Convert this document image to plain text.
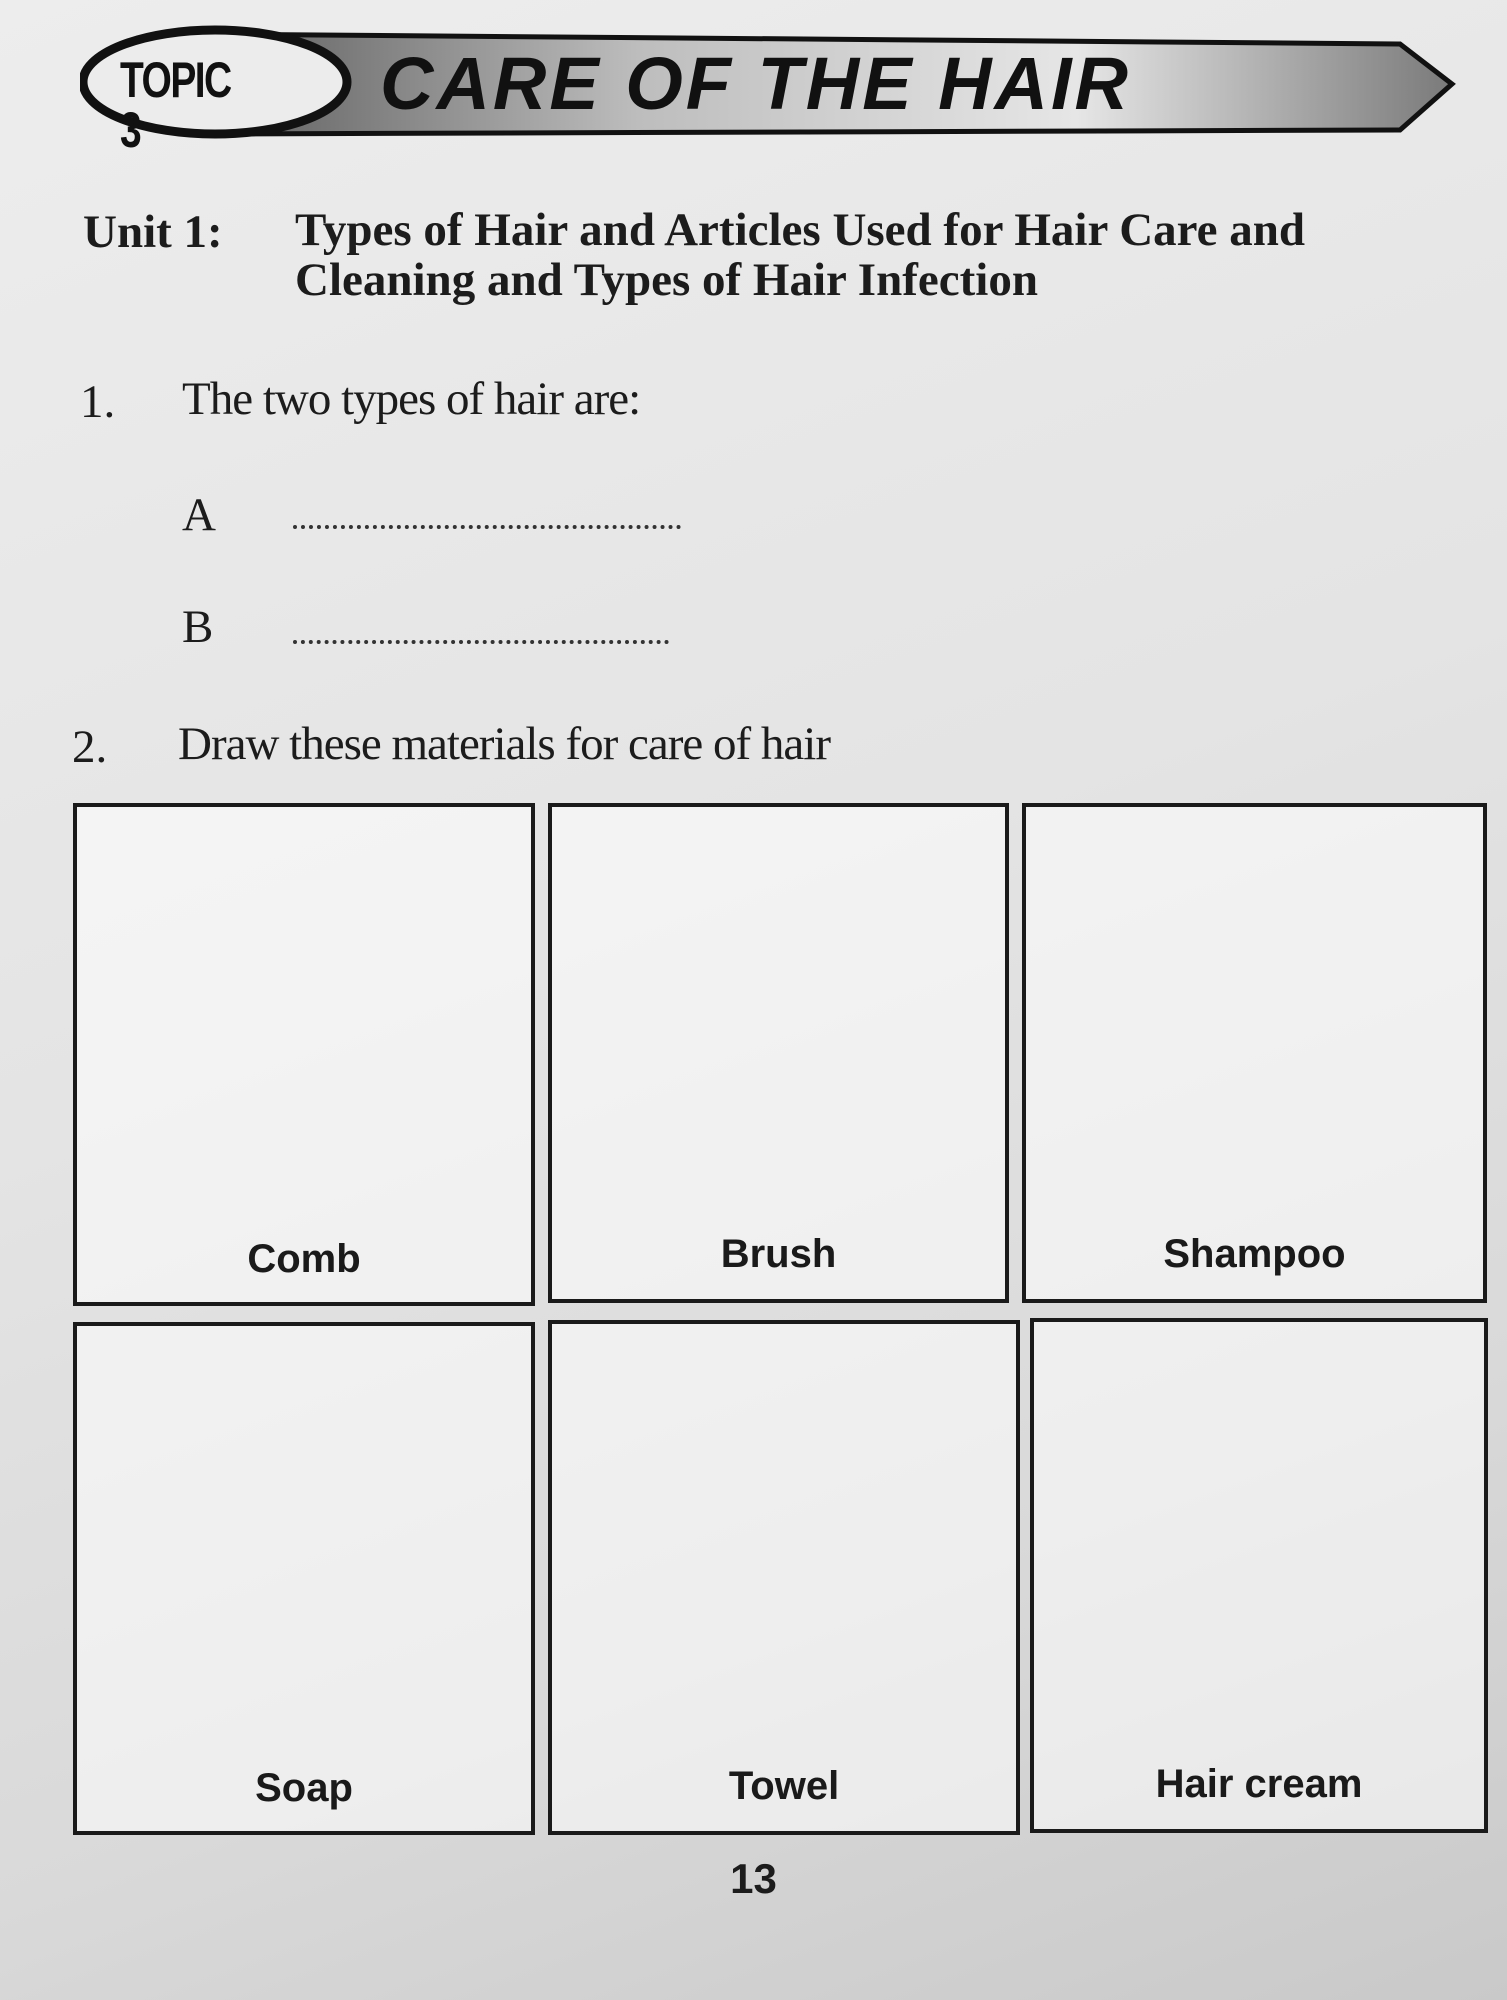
TOPIC 3
CARE OF THE HAIR
Unit 1: Types of Hair and Articles Used for Hair Care and Cleaning and Types of Hair Infection
1. The two types of hair are:
A
B
2. Draw these materials for care of hair
Comb	Brush	Shampoo
Soap	Towel	Hair cream
13
